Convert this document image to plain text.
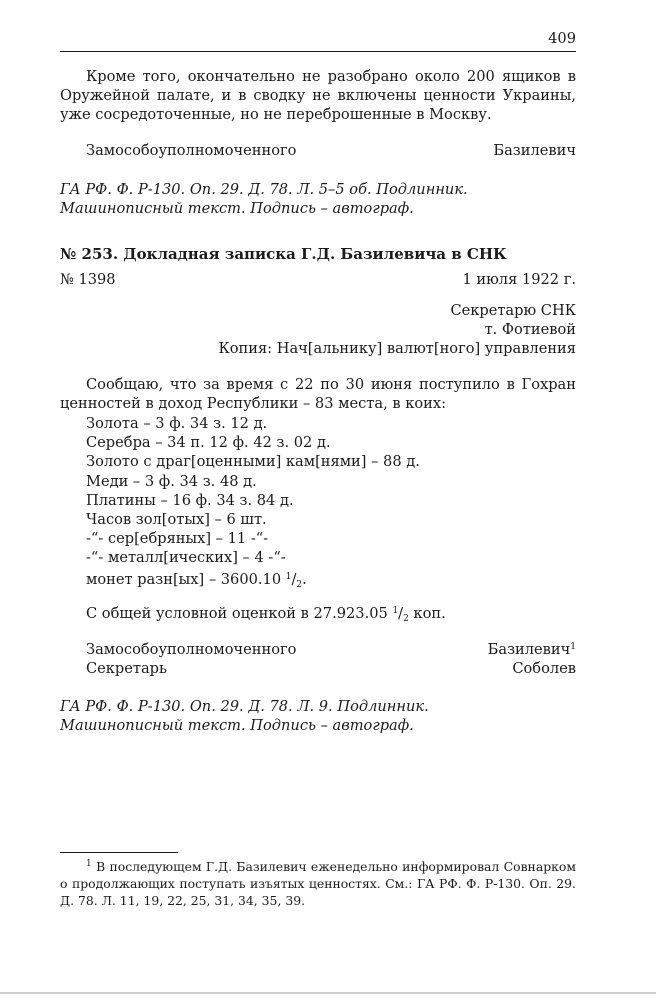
409
Кроме того, окончательно не разобрано около 200 ящиков в Оружейной палате, и в сводку не включены ценности Украины, уже сосредоточенные, но не переброшенные в Москву.
Замособоуполномоченного	Базилевич
ГА РФ. Ф. Р-130. Оп. 29. Д. 78. Л. 5–5 об. Подлинник.
Машинописный текст. Подпись – автограф.
№ 253. Докладная записка Г.Д. Базилевича в СНК
№ 1398	1 июля 1922 г.
Секретарю СНК
т. Фотиевой
Копия: Нач[альнику] валют[ного] управления
Сообщаю, что за время с 22 по 30 июня поступило в Гохран ценностей в доход Республики – 83 места, в коих:
Золота – 3 ф. 34 з. 12 д.
Серебра – 34 п. 12 ф. 42 з. 02 д.
Золото с драг[оценными] кам[нями] – 88 д.
Меди – 3 ф. 34 з. 48 д.
Платины – 16 ф. 34 з. 84 д.
Часов зол[отых] – 6 шт.
-“- сер[ебряных] – 11 -“-
-“- металл[ических] – 4 -“-
монет разн[ых] – 3600.10 $^1/_2$.
С общей условной оценкой в 27.923.05 $^1/_2$ коп.
Замособоуполномоченного	Базилевич$^1$
Секретарь	Соболев
ГА РФ. Ф. Р-130. Оп. 29. Д. 78. Л. 9. Подлинник.
Машинописный текст. Подпись – автограф.
$^1$ В последующем Г.Д. Базилевич еженедельно информировал Совнарком о продолжающих поступать изъятых ценностях. См.: ГА РФ. Ф. Р-130. Оп. 29. Д. 78. Л. 11, 19, 22, 25, 31, 34, 35, 39.
